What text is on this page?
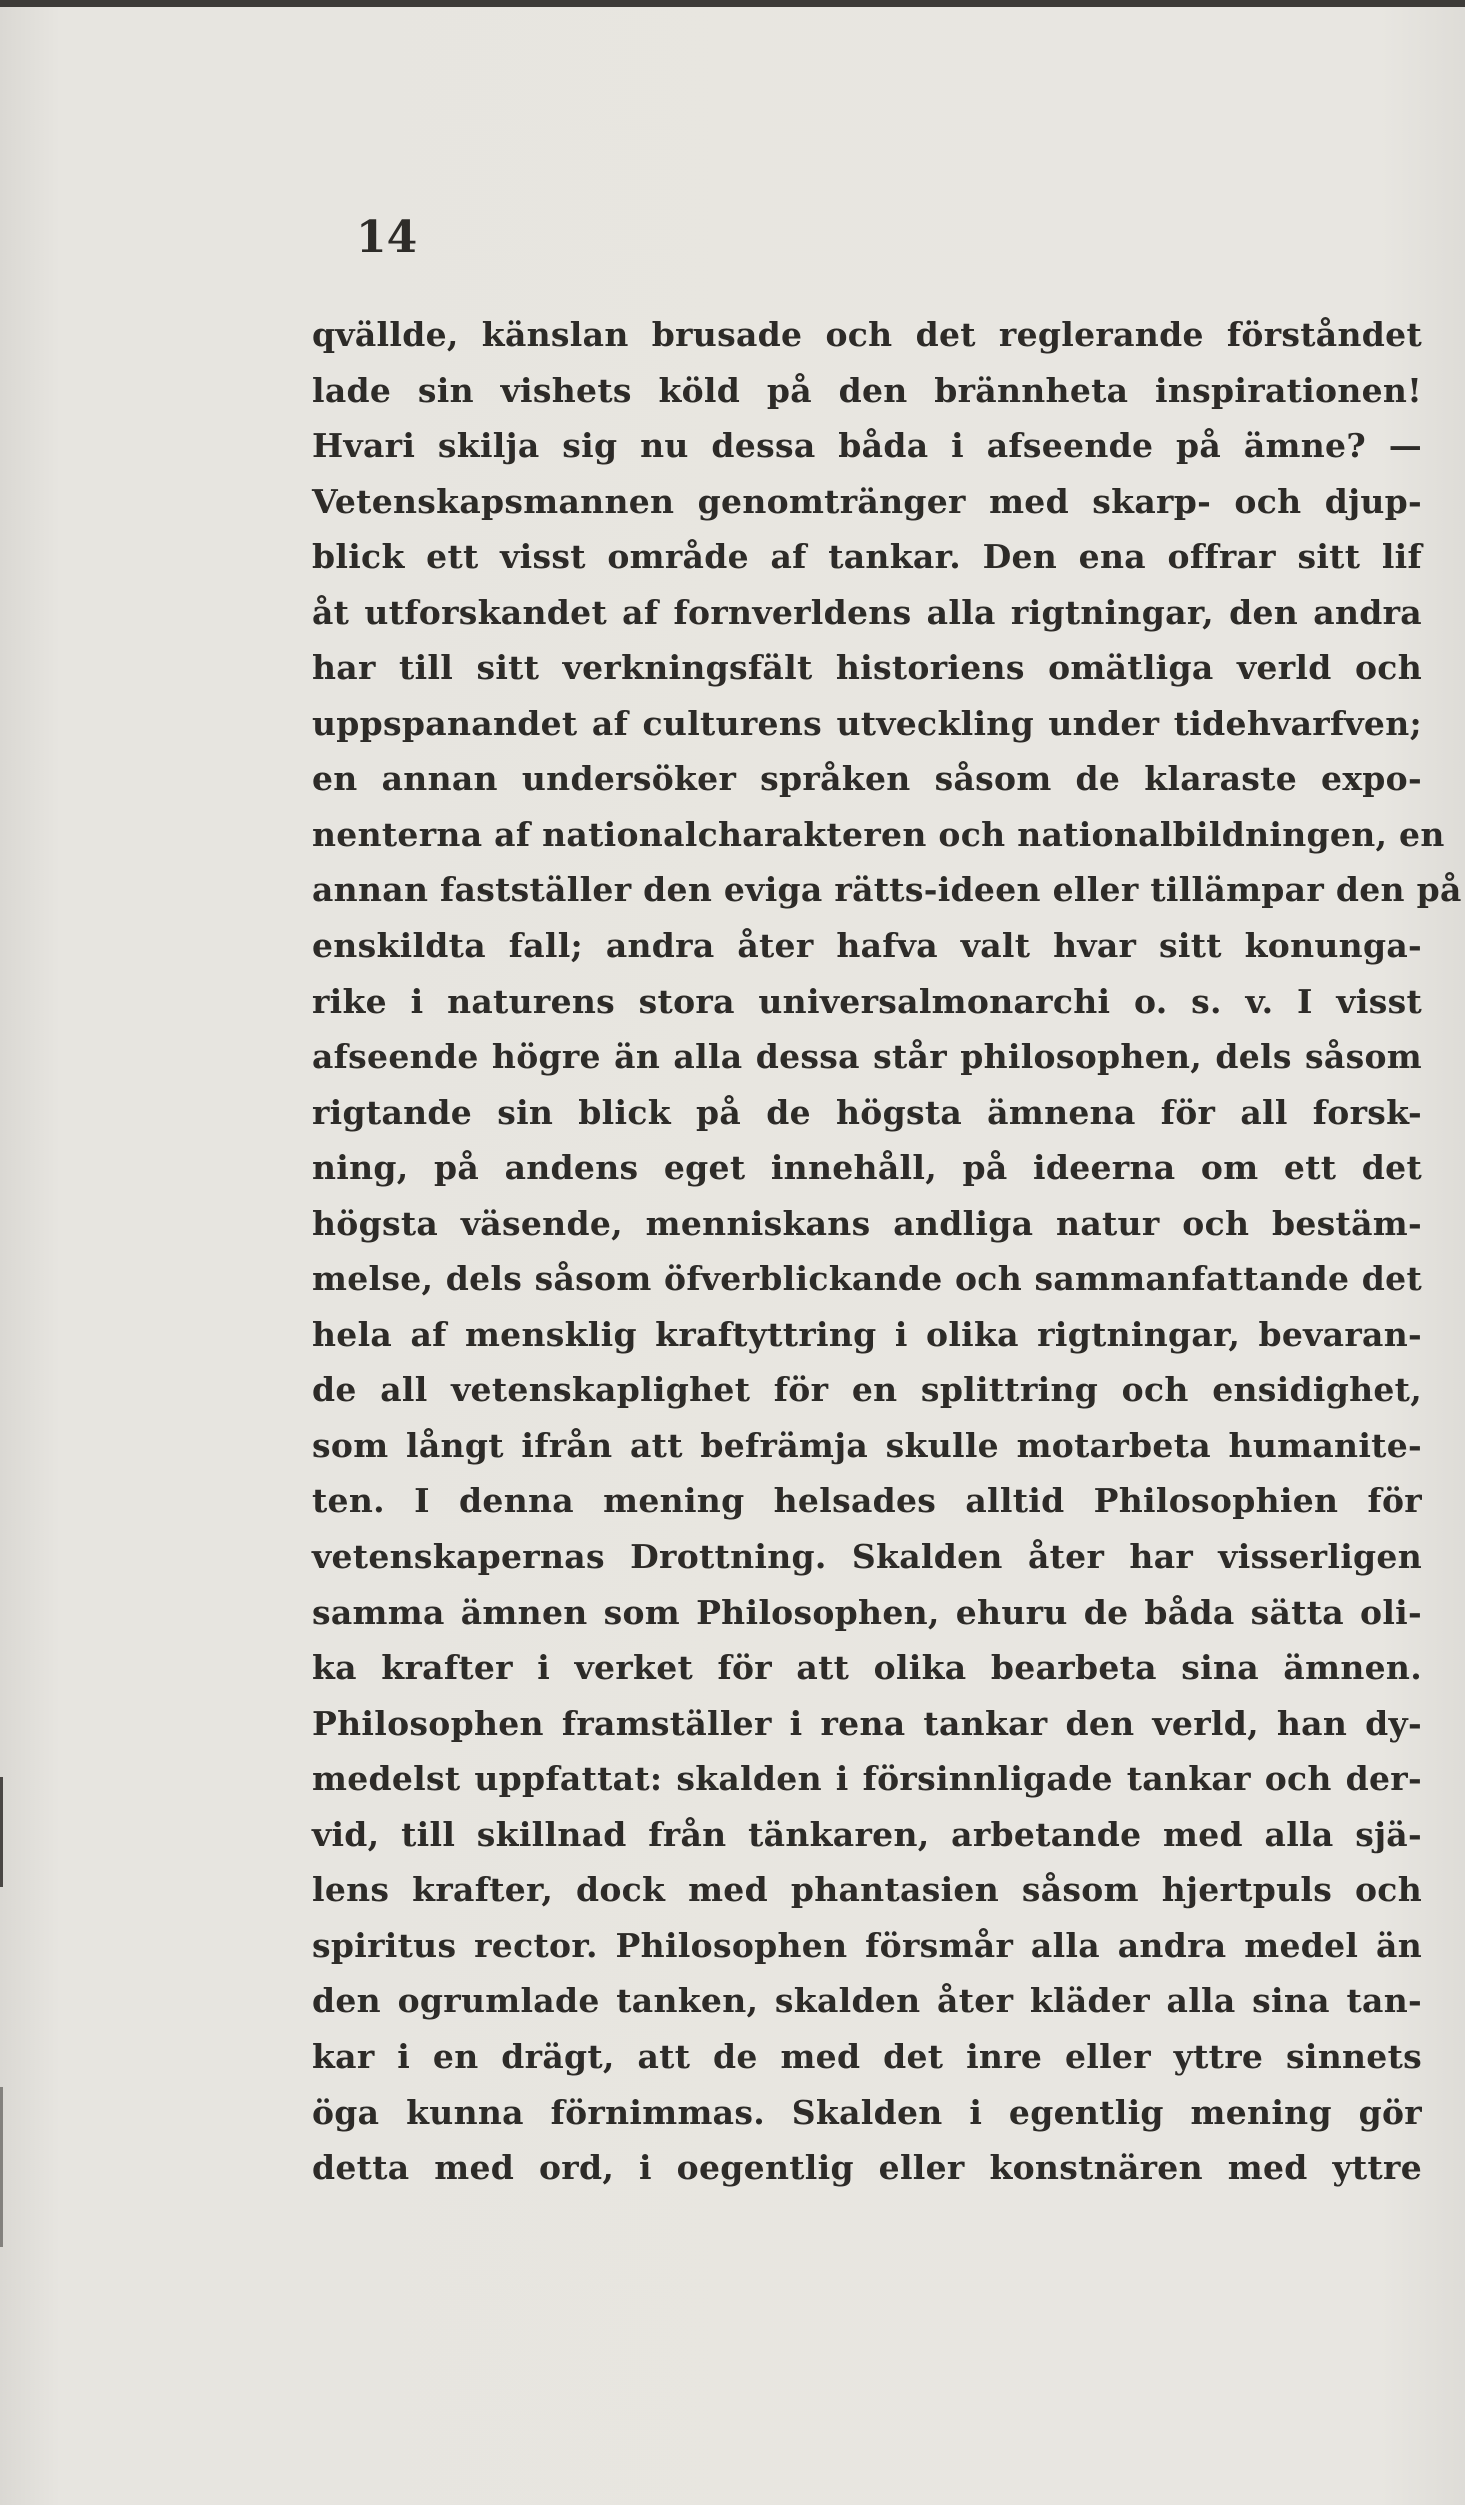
14
qvällde, känslan brusade och det reglerande förståndet
lade sin vishets köld på den brännheta inspirationen!
Hvari skilja sig nu dessa båda i afseende på ämne? —
Vetenskapsmannen genomtränger med skarp- och djup-
blick ett visst område af tankar. Den ena offrar sitt lif
åt utforskandet af fornverldens alla rigtningar, den andra
har till sitt verkningsfält historiens omätliga verld och
uppspanandet af culturens utveckling under tidehvarfven;
en annan undersöker språken såsom de klaraste expo-
nenterna af nationalcharakteren och nationalbildningen, en
annan fastställer den eviga rätts-ideen eller tillämpar den på
enskildta fall; andra åter hafva valt hvar sitt konunga-
rike i naturens stora universalmonarchi o. s. v. I visst
afseende högre än alla dessa står philosophen, dels såsom
rigtande sin blick på de högsta ämnena för all forsk-
ning, på andens eget innehåll, på ideerna om ett det
högsta väsende, menniskans andliga natur och bestäm-
melse, dels såsom öfverblickande och sammanfattande det
hela af mensklig kraftyttring i olika rigtningar, bevaran-
de all vetenskaplighet för en splittring och ensidighet,
som långt ifrån att befrämja skulle motarbeta humanite-
ten. I denna mening helsades alltid Philosophien för
vetenskapernas Drottning. Skalden åter har visserligen
samma ämnen som Philosophen, ehuru de båda sätta oli-
ka krafter i verket för att olika bearbeta sina ämnen.
Philosophen framställer i rena tankar den verld, han dy-
medelst uppfattat: skalden i försinnligade tankar och der-
vid, till skillnad från tänkaren, arbetande med alla sjä-
lens krafter, dock med phantasien såsom hjertpuls och
spiritus rector. Philosophen försmår alla andra medel än
den ogrumlade tanken, skalden åter kläder alla sina tan-
kar i en drägt, att de med det inre eller yttre sinnets
öga kunna förnimmas. Skalden i egentlig mening gör
detta med ord, i oegentlig eller konstnären med yttre
